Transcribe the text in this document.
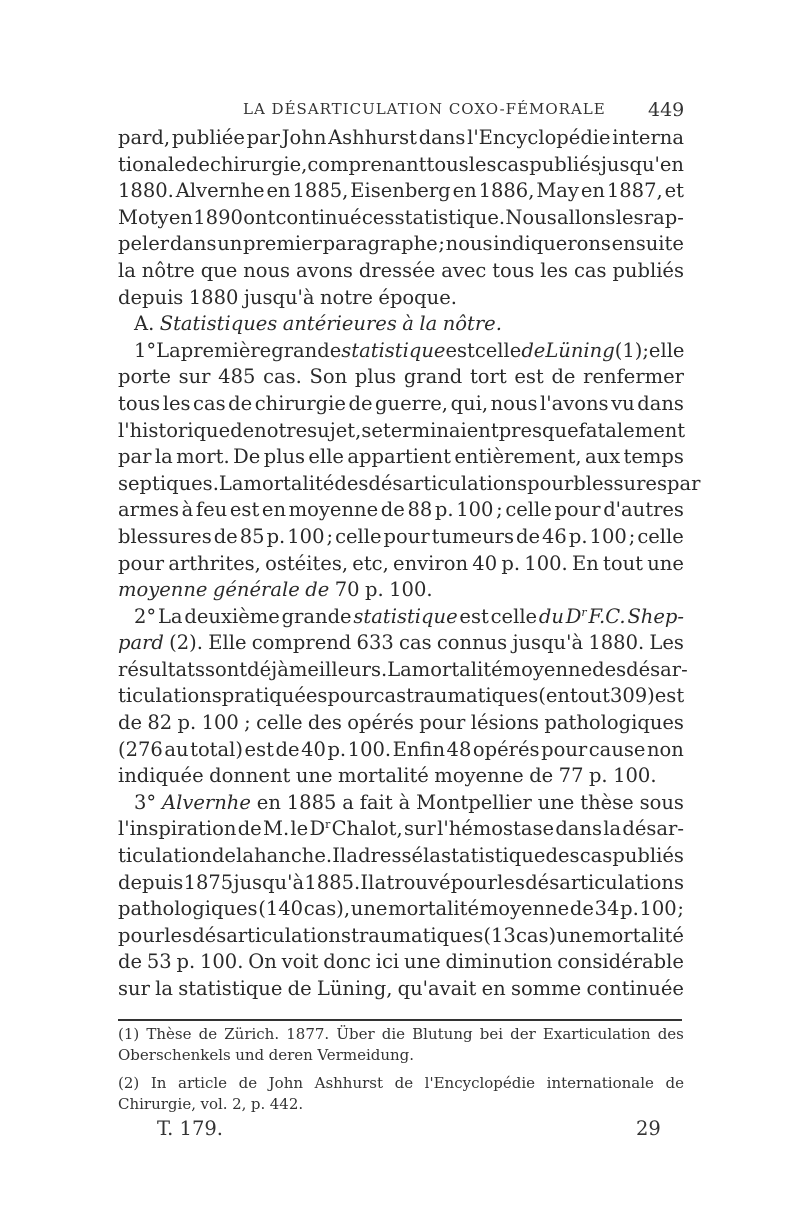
LA DÉSARTICULATION COXO-FÉMORALE 449
pard, publiée par John Ashhurst dans l'Encyclopédie interna
tionale de chirurgie, comprenant tous les cas publiés jusqu'en
1880. Alvernhe en 1885, Eisenberg en 1886, May en 1887, et
Moty en 1890 ont continué ces statistique. Nous allons les rap-
peler dans un premier paragraphe ; nous indiquerons ensuite
la nôtre que nous avons dressée avec tous les cas publiés
depuis 1880 jusqu'à notre époque.
A. Statistiques antérieures à la nôtre.
1° La première grande statistique est celle de Lüning (1) ; elle
porte sur 485 cas. Son plus grand tort est de renfermer
tous les cas de chirurgie de guerre, qui, nous l'avons vu dans
l'historique de notre sujet, se terminaient presque fatalement
par la mort. De plus elle appartient entièrement, aux temps
septiques. La mortalité des désarticulations pour blessures par
armes à feu est en moyenne de 88 p. 100 ; celle pour d'autres
blessures de 85 p. 100 ; celle pour tumeurs de 46 p. 100 ; celle
pour arthrites, ostéites, etc, environ 40 p. 100. En tout une
moyenne générale de 70 p. 100.
2° La deuxième grande statistique est celle du $D^r$ F.C. Shep-
pard (2). Elle comprend 633 cas connus jusqu'à 1880. Les
résultats sont déjà meilleurs. La mortalité moyenne des désar-
ticulations pratiquées pour cas traumatiques (en tout 309) est
de 82 p. 100 ; celle des opérés pour lésions pathologiques
(276 au total) est de 40 p. 100. Enfin 48 opérés pour cause non
indiquée donnent une mortalité moyenne de 77 p. 100.
3° Alvernhe en 1885 a fait à Montpellier une thèse sous
l'inspiration de M. le $D^r$ Chalot, sur l'hémostase dans la désar-
ticulation de la hanche. Il a dressé la statistique des cas publiés
depuis 1875 jusqu'à 1885. Il a trouvé pour les désarticulations
pathologiques (140 cas), une mortalité moyenne de 34 p. 100 ;
pour les désarticulations traumatiques (13 cas) une mortalité
de 53 p. 100. On voit donc ici une diminution considérable
sur la statistique de Lüning, qu'avait en somme continuée
(1) Thèse de Zürich. 1877. Über die Blutung bei der Exarticulation des
Oberschenkels und deren Vermeidung.
(2) In article de John Ashhurst de l'Encyclopédie internationale de
Chirurgie, vol. 2, p. 442.
T. 179.	29
